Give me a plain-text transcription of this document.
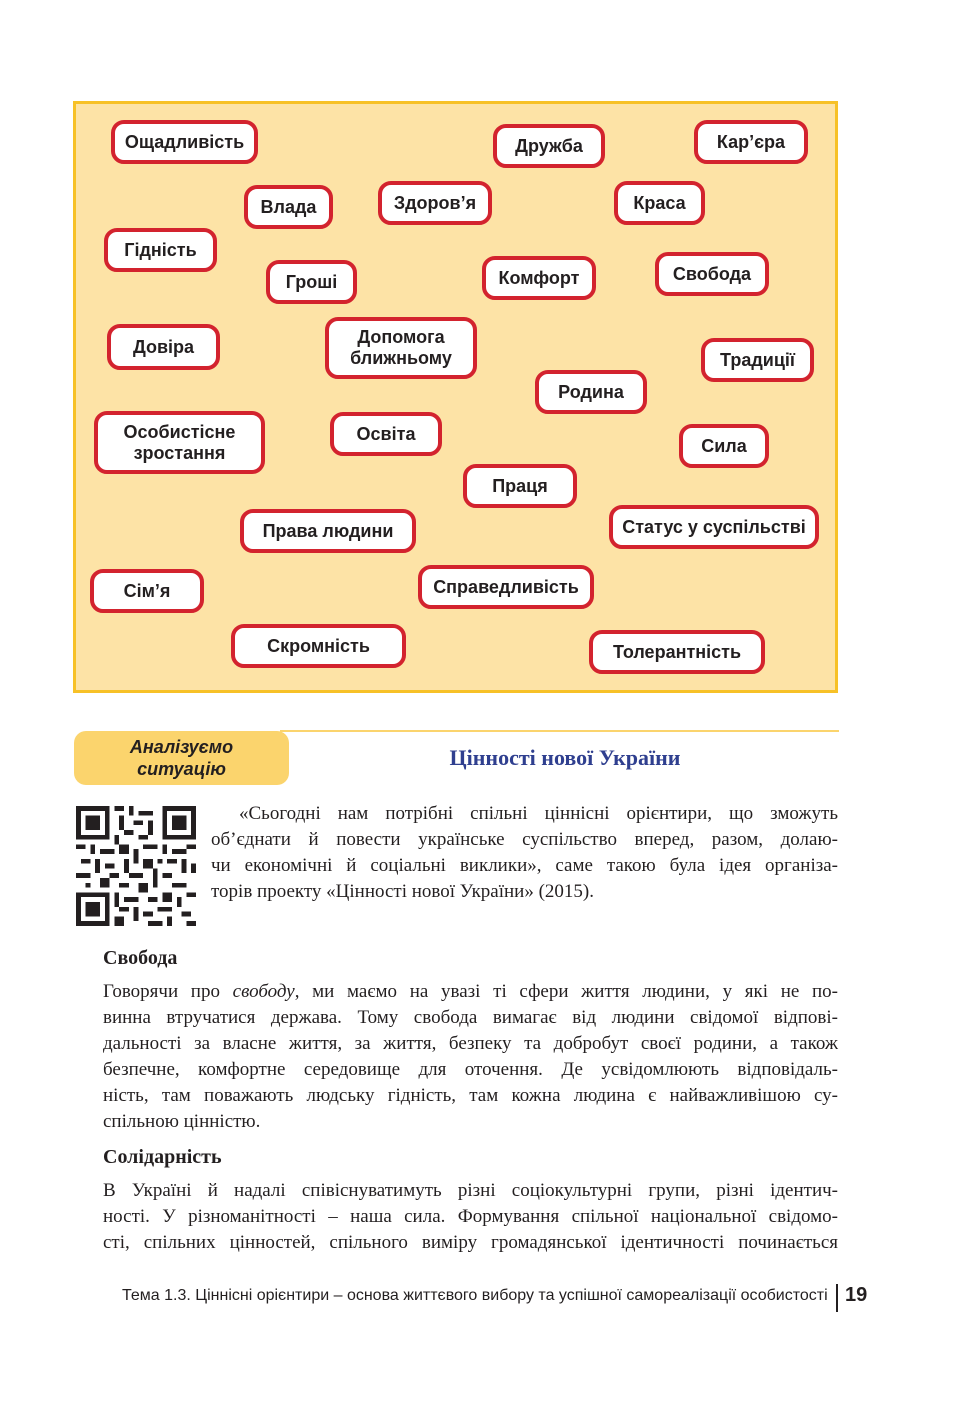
Ощадливість	Дружба	Кар’єра
Влада	Здоров’я	Краса
Гідність
Гроші	Комфорт	Свобода
Довіра	Допомога
ближньому	Традиції
Родина
Особистісне
зростання
Освіта
Сила
Праця
Права людини	Статус у суспільстві
Сім’я	Справедливість
Скромність	Толерантність
Аналізуємо
ситуацію	Цінності нової України
«Сьогодні нам потрібні спільні ціннісні орієнтири, що зможуть
об’єднати й повести українське суспільство вперед, разом, долаю-
чи економічні й соціальні виклики», саме такою була ідея організа-
торів проекту «Цінності нової України» (2015).
Свобода
Говорячи про свободу, ми маємо на увазі ті сфери життя людини, у які не по-
винна втручатися держава. Тому свобода вимагає від людини свідомої відпові-
дальності за власне життя, за життя, безпеку та добробут своєї родини, а також
безпечне, комфортне середовище для оточення. Де усвідомлюють відповідаль-
ність, там поважають людську гідність, там кожна людина є найважливішою су-
спільною цінністю.
Солідарність
В Україні й надалі співіснуватимуть різні соціокультурні групи, різні ідентич-
ності. У різноманітності – наша сила. Формування спільної національної свідомо-
сті, спільних цінностей, спільного виміру громадянської ідентичності починається
Тема 1.3. Ціннісні орієнтири – основа життєвого вибору та успішної самореалізації особистості 19
